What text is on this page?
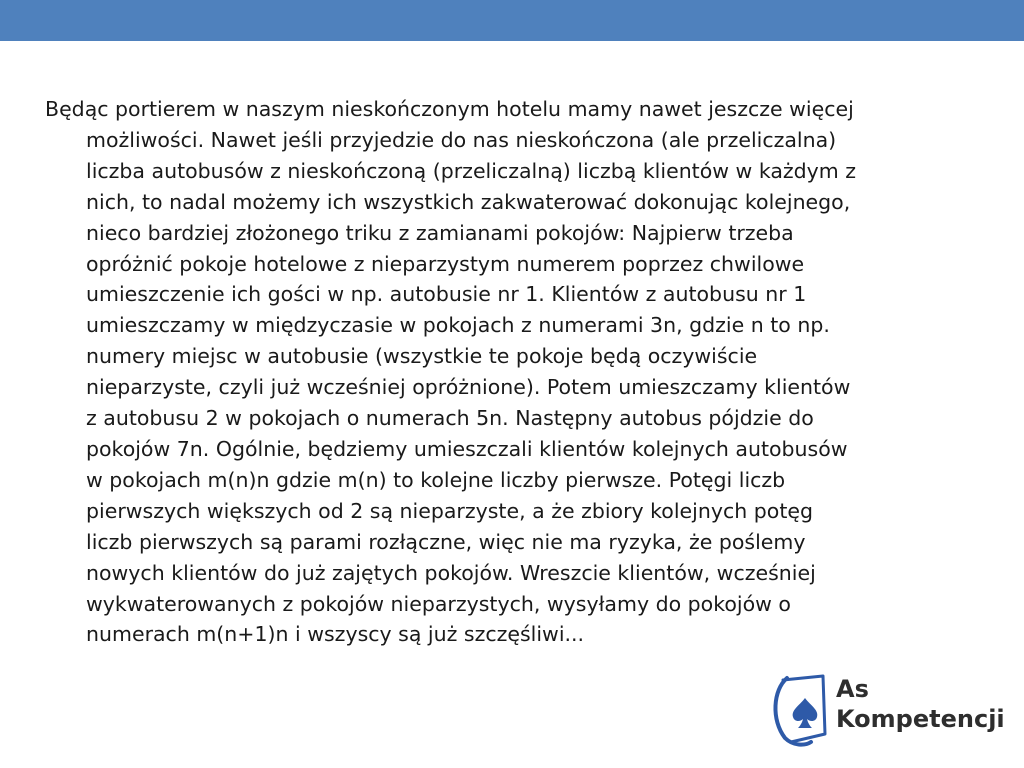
Będąc portierem w naszym nieskończonym hotelu mamy nawet jeszcze więcej
możliwości. Nawet jeśli przyjedzie do nas nieskończona (ale przeliczalna)
liczba autobusów z nieskończoną (przeliczalną) liczbą klientów w każdym z
nich, to nadal możemy ich wszystkich zakwaterować dokonując kolejnego,
nieco bardziej złożonego triku z zamianami pokojów: Najpierw trzeba
opróżnić pokoje hotelowe z nieparzystym numerem poprzez chwilowe
umieszczenie ich gości w np. autobusie nr 1. Klientów z autobusu nr 1
umieszczamy w międzyczasie w pokojach z numerami 3n, gdzie n to np.
numery miejsc w autobusie (wszystkie te pokoje będą oczywiście
nieparzyste, czyli już wcześniej opróżnione). Potem umieszczamy klientów
z autobusu 2 w pokojach o numerach 5n. Następny autobus pójdzie do
pokojów 7n. Ogólnie, będziemy umieszczali klientów kolejnych autobusów
w pokojach m(n)n gdzie m(n) to kolejne liczby pierwsze. Potęgi liczb
pierwszych większych od 2 są nieparzyste, a że zbiory kolejnych potęg
liczb pierwszych są parami rozłączne, więc nie ma ryzyka, że poślemy
nowych klientów do już zajętych pokojów. Wreszcie klientów, wcześniej
wykwaterowanych z pokojów nieparzystych, wysyłamy do pokojów o
numerach m(n+1)n i wszyscy są już szczęśliwi...

As
Kompetencji
